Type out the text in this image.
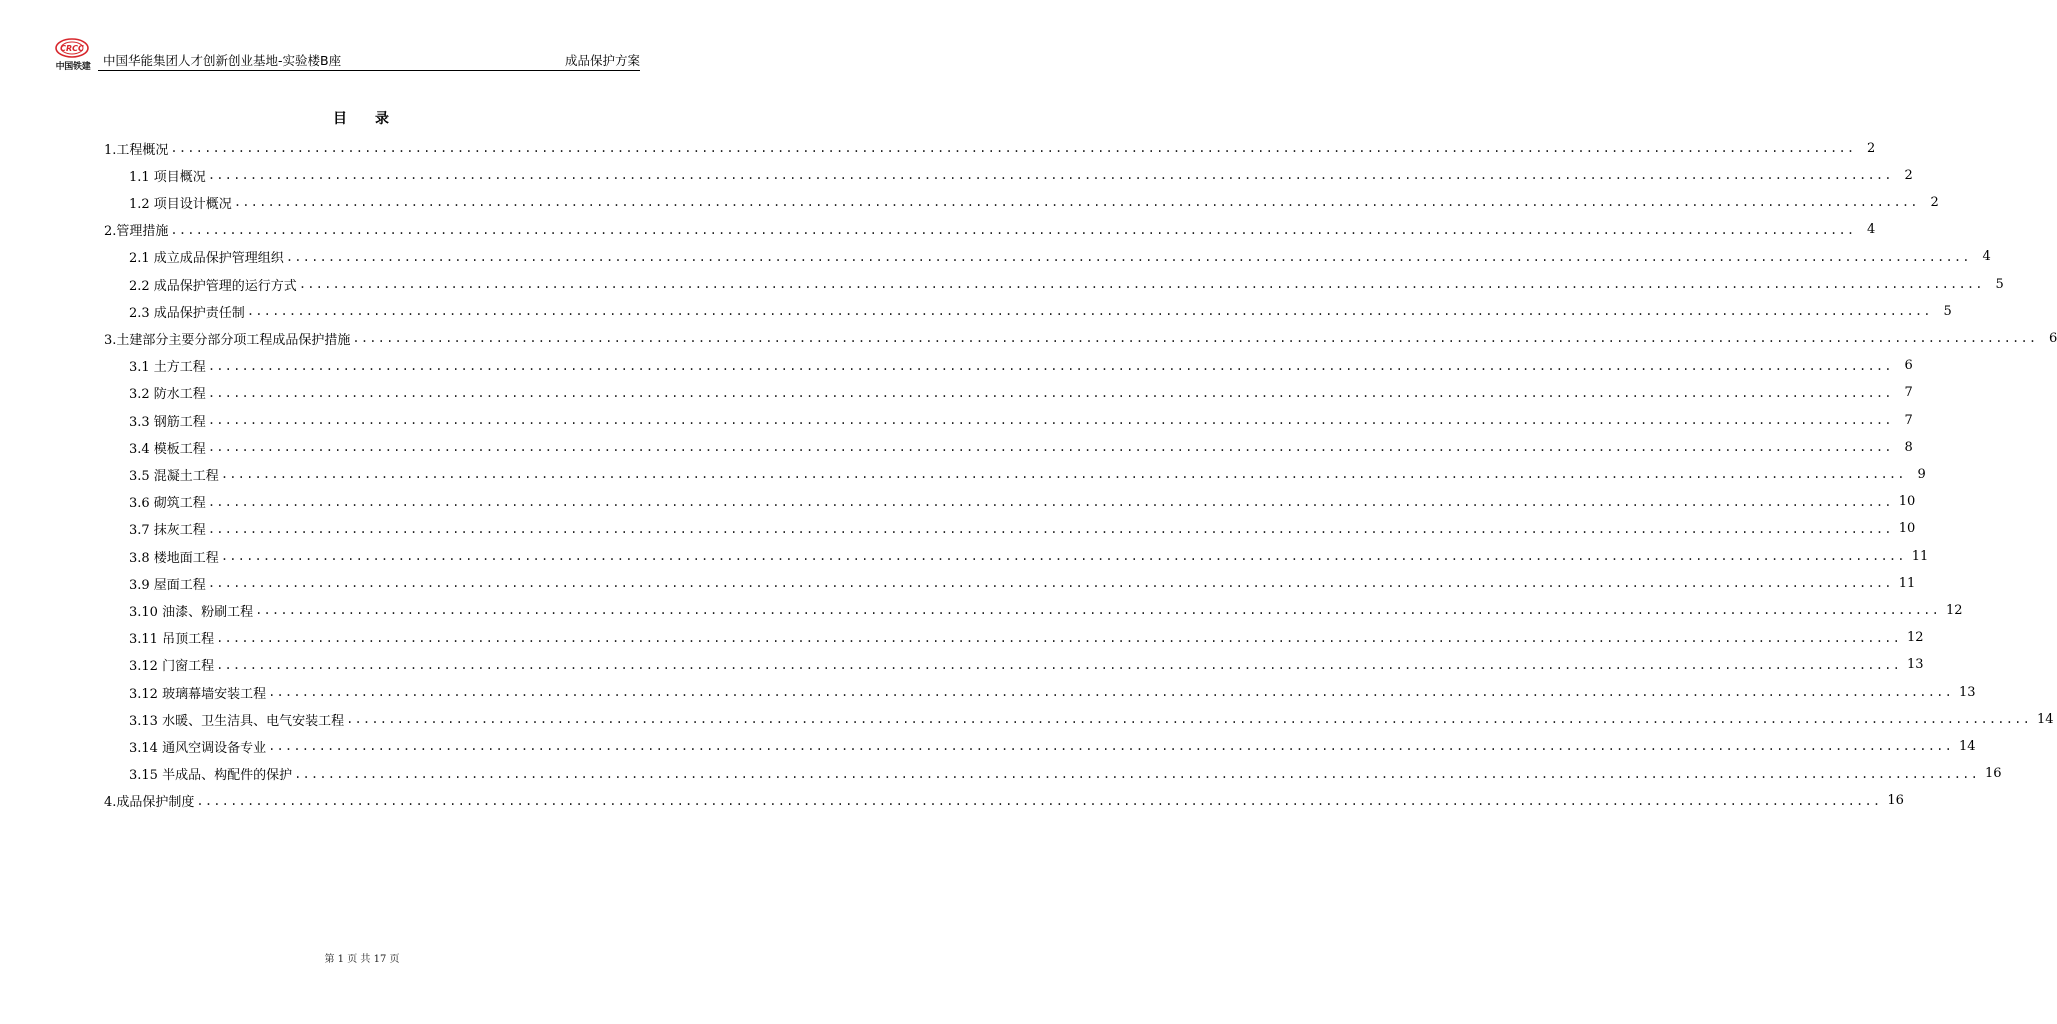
CRCC
中国铁建	中国华能集团人才创新创业基地-实验楼B座	成品保护方案
目 录
1.工程概况 ........................................................................................................................................................................................................ 2
1.1 项目概况 ........................................................................................................................................................................................................ 2
1.2 项目设计概况 ........................................................................................................................................................................................................ 2
2.管理措施 ........................................................................................................................................................................................................ 4
2.1 成立成品保护管理组织 ........................................................................................................................................................................................................ 4
2.2 成品保护管理的运行方式 ........................................................................................................................................................................................................ 5
2.3 成品保护责任制 ........................................................................................................................................................................................................ 5
3.土建部分主要分部分项工程成品保护措施 ........................................................................................................................................................................................................ 6
3.1 土方工程 ........................................................................................................................................................................................................ 6
3.2 防水工程 ........................................................................................................................................................................................................ 7
3.3 钢筋工程 ........................................................................................................................................................................................................ 7
3.4 模板工程 ........................................................................................................................................................................................................ 8
3.5 混凝土工程 ........................................................................................................................................................................................................ 9
3.6 砌筑工程 ........................................................................................................................................................................................................ 10
3.7 抹灰工程 ........................................................................................................................................................................................................ 10
3.8 楼地面工程 ........................................................................................................................................................................................................ 11
3.9 屋面工程 ........................................................................................................................................................................................................ 11
3.10 油漆、粉刷工程 ........................................................................................................................................................................................................ 12
3.11 吊顶工程 ........................................................................................................................................................................................................ 12
3.12 门窗工程 ........................................................................................................................................................................................................ 13
3.12 玻璃幕墙安装工程 ........................................................................................................................................................................................................ 13
3.13 水暖、卫生洁具、电气安装工程 ........................................................................................................................................................................................................ 14
3.14 通风空调设备专业 ........................................................................................................................................................................................................ 14
3.15 半成品、构配件的保护 ........................................................................................................................................................................................................ 16
4.成品保护制度 ........................................................................................................................................................................................................ 16
第 1 页 共 17 页
